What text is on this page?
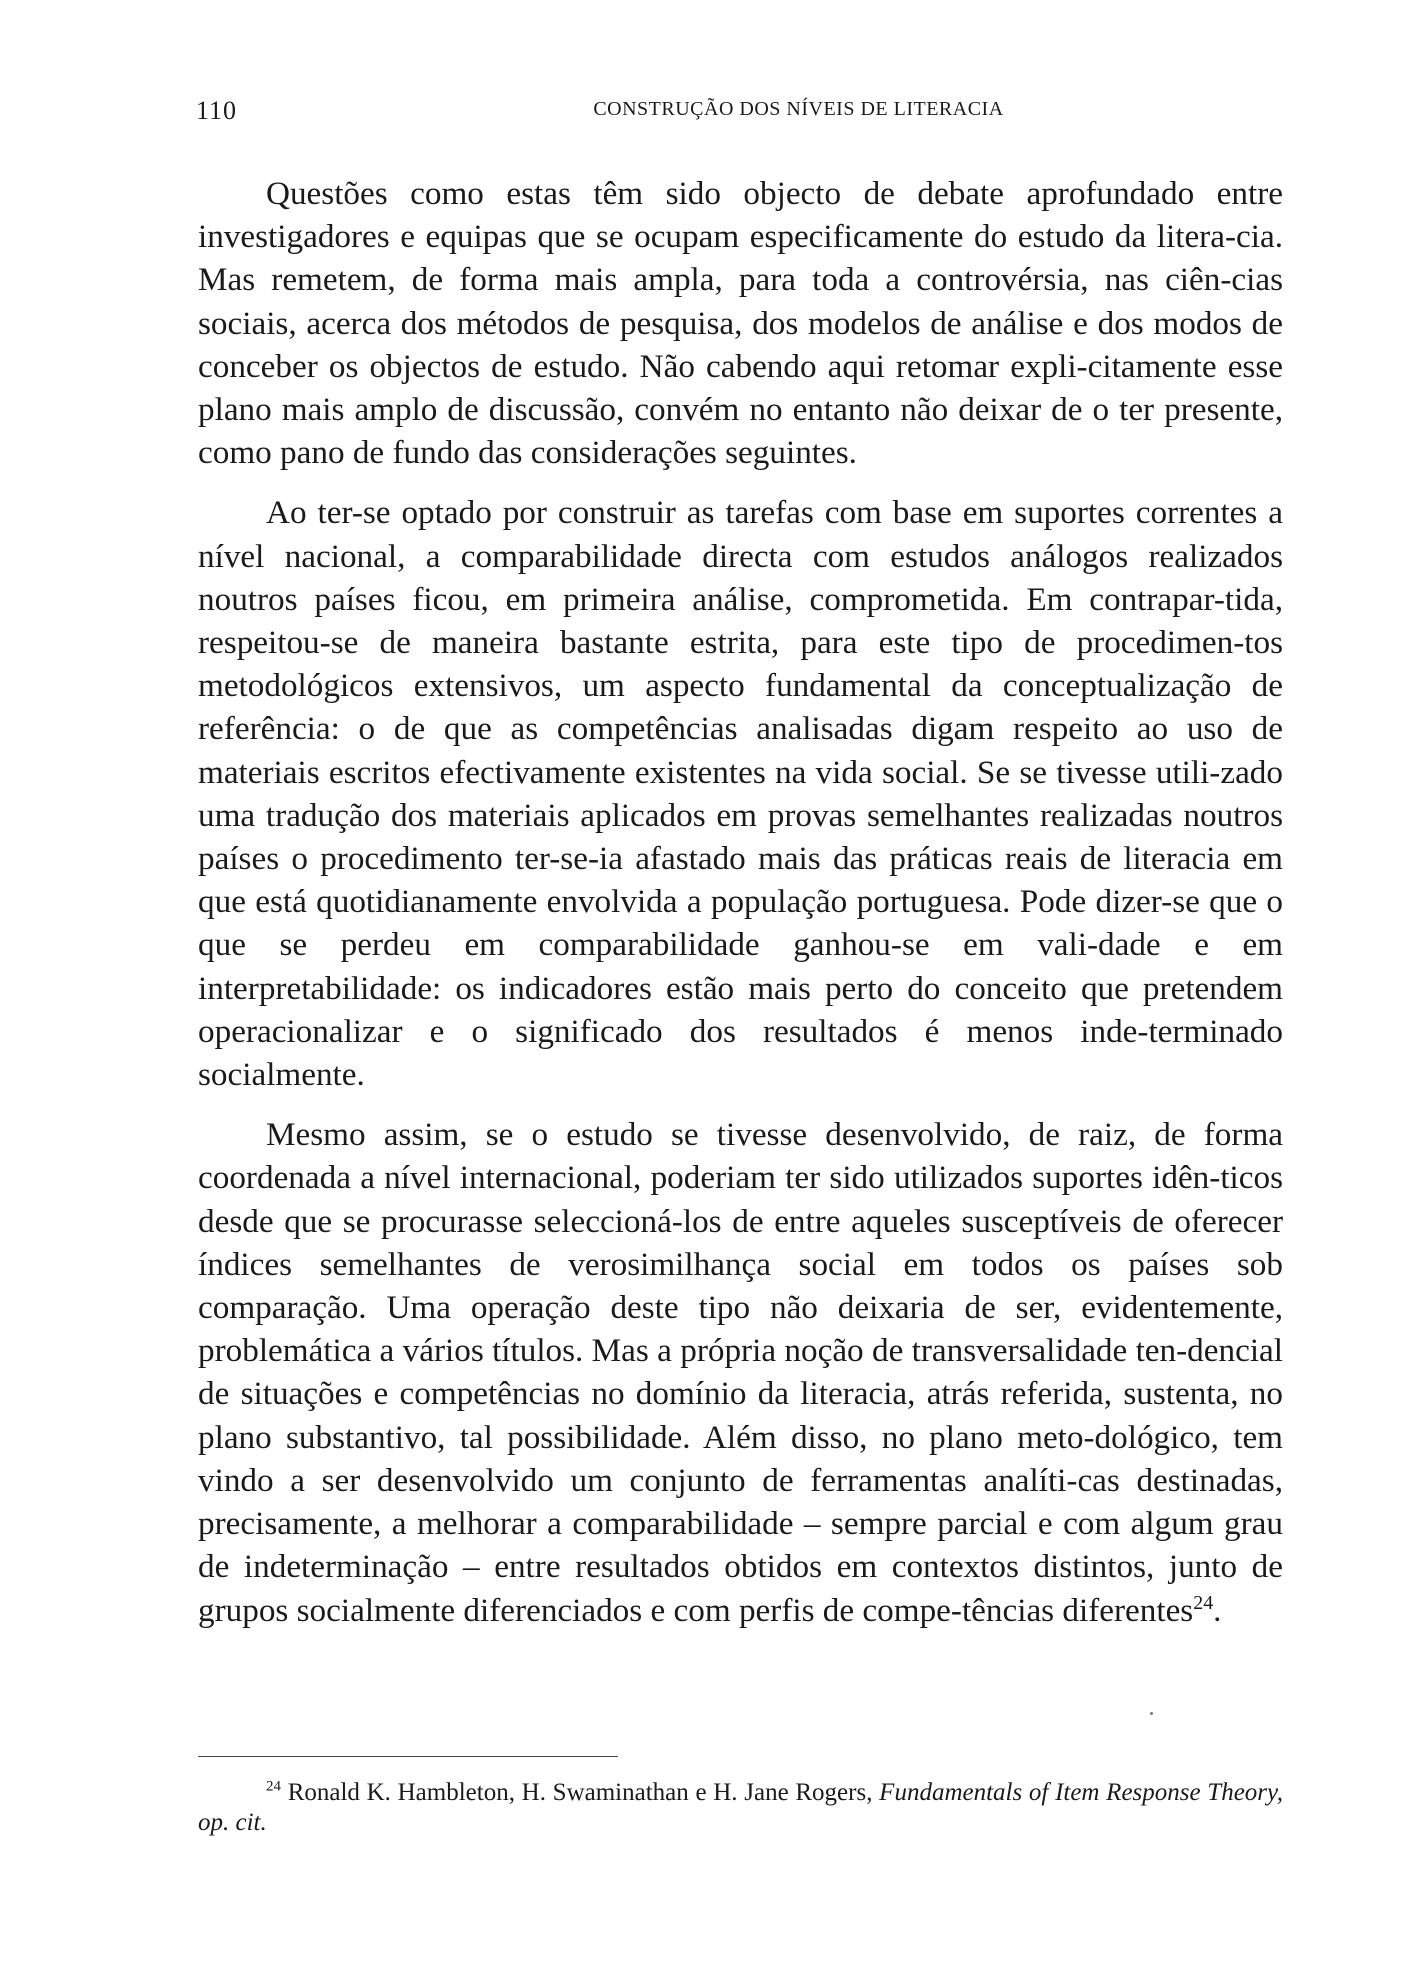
110	CONSTRUÇÃO DOS NÍVEIS DE LITERACIA

Questões como estas têm sido objecto de debate aprofundado entre investigadores e equipas que se ocupam especificamente do estudo da litera-cia. Mas remetem, de forma mais ampla, para toda a controvérsia, nas ciên-cias sociais, acerca dos métodos de pesquisa, dos modelos de análise e dos modos de conceber os objectos de estudo. Não cabendo aqui retomar expli-citamente esse plano mais amplo de discussão, convém no entanto não deixar de o ter presente, como pano de fundo das considerações seguintes.

Ao ter-se optado por construir as tarefas com base em suportes correntes a nível nacional, a comparabilidade directa com estudos análogos realizados noutros países ficou, em primeira análise, comprometida. Em contrapar-tida, respeitou-se de maneira bastante estrita, para este tipo de procedimen-tos metodológicos extensivos, um aspecto fundamental da conceptualização de referência: o de que as competências analisadas digam respeito ao uso de materiais escritos efectivamente existentes na vida social. Se se tivesse utili-zado uma tradução dos materiais aplicados em provas semelhantes realizadas noutros países o procedimento ter-se-ia afastado mais das práticas reais de literacia em que está quotidianamente envolvida a população portuguesa. Pode dizer-se que o que se perdeu em comparabilidade ganhou-se em vali-dade e em interpretabilidade: os indicadores estão mais perto do conceito que pretendem operacionalizar e o significado dos resultados é menos inde-terminado socialmente.

Mesmo assim, se o estudo se tivesse desenvolvido, de raiz, de forma coordenada a nível internacional, poderiam ter sido utilizados suportes idên-ticos desde que se procurasse seleccioná-los de entre aqueles susceptíveis de oferecer índices semelhantes de verosimilhança social em todos os países sob comparação. Uma operação deste tipo não deixaria de ser, evidentemente, problemática a vários títulos. Mas a própria noção de transversalidade ten-dencial de situações e competências no domínio da literacia, atrás referida, sustenta, no plano substantivo, tal possibilidade. Além disso, no plano meto-dológico, tem vindo a ser desenvolvido um conjunto de ferramentas analíti-cas destinadas, precisamente, a melhorar a comparabilidade – sempre parcial e com algum grau de indeterminação – entre resultados obtidos em contextos distintos, junto de grupos socialmente diferenciados e com perfis de compe-tências diferentes$^{24}$.

$^{24}$ Ronald K. Hambleton, H. Swaminathan e H. Jane Rogers, Fundamentals of Item Response Theory, op. cit.
